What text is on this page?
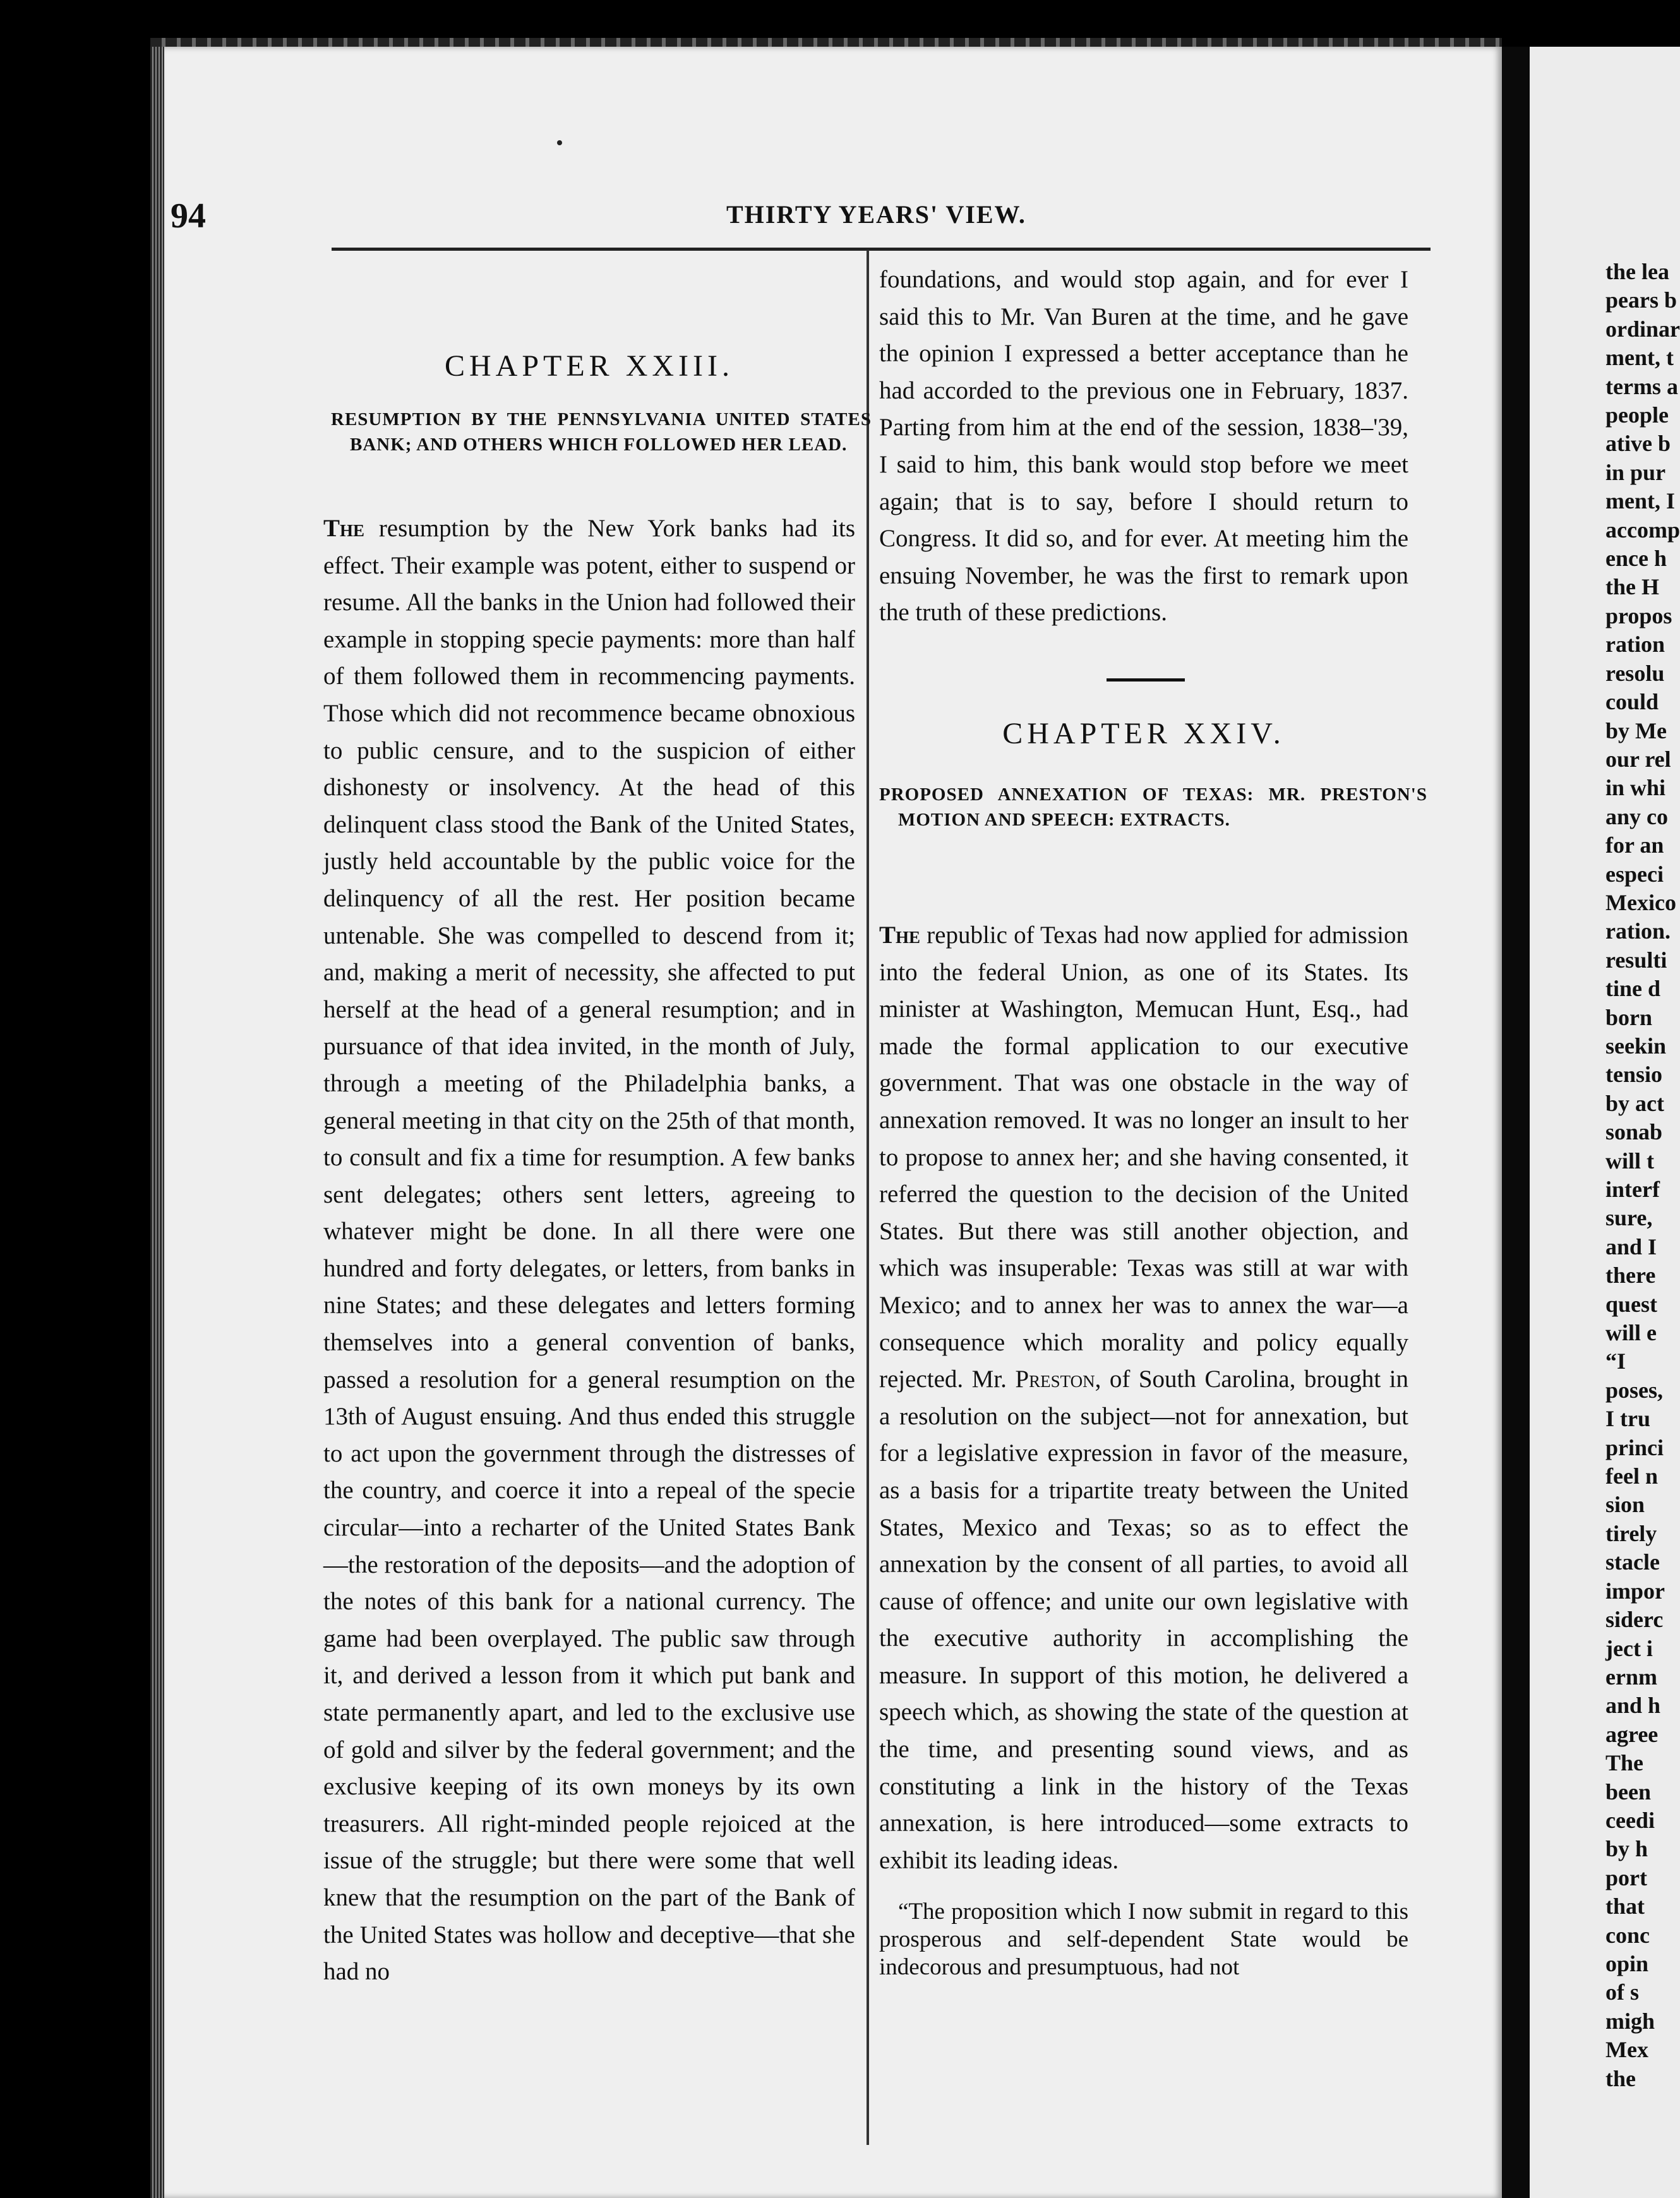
the lea
pears b
ordinar
ment, t
terms a
people
ative b
in pur
ment, I
accomp
ence h
the H
propos
ration
resolu
could
by Me
our rel
in whi
any co
for an
especi
Mexico
ration.
resulti
tine d
born
seekin
tensio
by act
sonab
will t
interf
sure,
and I
there
quest
will e
“I
poses,
I tru
princi
feel n
sion
tirely
stacle
impor
siderc
ject i
ernm
and h
agree
The
been
ceedi
by h
port
that
conc
opin
of s
migh
Mex
the
94	THIRTY YEARS' VIEW.
CHAPTER XXIII.
RESUMPTION BY THE PENNSYLVANIA UNITED STATES BANK; AND OTHERS WHICH FOLLOWED HER LEAD.

The resumption by the New York banks had its effect. Their example was potent, either to suspend or resume. All the banks in the Union had followed their example in stopping specie payments: more than half of them followed them in recommencing payments. Those which did not recommence became obnoxious to public censure, and to the suspicion of either dishonesty or insolvency. At the head of this delinquent class stood the Bank of the United States, justly held accountable by the public voice for the delinquency of all the rest. Her position became untenable. She was compelled to descend from it; and, making a merit of necessity, she affected to put herself at the head of a general resumption; and in pursuance of that idea invited, in the month of July, through a meeting of the Philadelphia banks, a general meeting in that city on the 25th of that month, to consult and fix a time for resumption. A few banks sent delegates; others sent letters, agreeing to whatever might be done. In all there were one hundred and forty delegates, or letters, from banks in nine States; and these delegates and letters forming themselves into a general convention of banks, passed a resolution for a general resumption on the 13th of August ensuing. And thus ended this struggle to act upon the government through the distresses of the country, and coerce it into a repeal of the specie circular—into a recharter of the United States Bank—the restoration of the deposits—and the adoption of the notes of this bank for a national currency. The game had been overplayed. The public saw through it, and derived a lesson from it which put bank and state permanently apart, and led to the exclusive use of gold and silver by the federal government; and the exclusive keeping of its own moneys by its own treasurers. All right-minded people rejoiced at the issue of the struggle; but there were some that well knew that the resumption on the part of the Bank of the United States was hollow and deceptive—that she had no

foundations, and would stop again, and for ever I said this to Mr. Van Buren at the time, and he gave the opinion I expressed a better acceptance than he had accorded to the previous one in February, 1837. Parting from him at the end of the session, 1838–'39, I said to him, this bank would stop before we meet again; that is to say, before I should return to Congress. It did so, and for ever. At meeting him the ensuing November, he was the first to remark upon the truth of these predictions.
CHAPTER XXIV.
PROPOSED ANNEXATION OF TEXAS: MR. PRESTON'S MOTION AND SPEECH: EXTRACTS.

The republic of Texas had now applied for admission into the federal Union, as one of its States. Its minister at Washington, Memucan Hunt, Esq., had made the formal application to our executive government. That was one obstacle in the way of annexation removed. It was no longer an insult to her to propose to annex her; and she having consented, it referred the question to the decision of the United States. But there was still another objection, and which was insuperable: Texas was still at war with Mexico; and to annex her was to annex the war—a consequence which morality and policy equally rejected. Mr. Preston, of South Carolina, brought in a resolution on the subject—not for annexation, but for a legislative expression in favor of the measure, as a basis for a tripartite treaty between the United States, Mexico and Texas; so as to effect the annexation by the consent of all parties, to avoid all cause of offence; and unite our own legislative with the executive authority in accomplishing the measure. In support of this motion, he delivered a speech which, as showing the state of the question at the time, and presenting sound views, and as constituting a link in the history of the Texas annexation, is here introduced—some extracts to exhibit its leading ideas.

“The proposition which I now submit in regard to this prosperous and self-dependent State would be indecorous and presumptuous, had not
